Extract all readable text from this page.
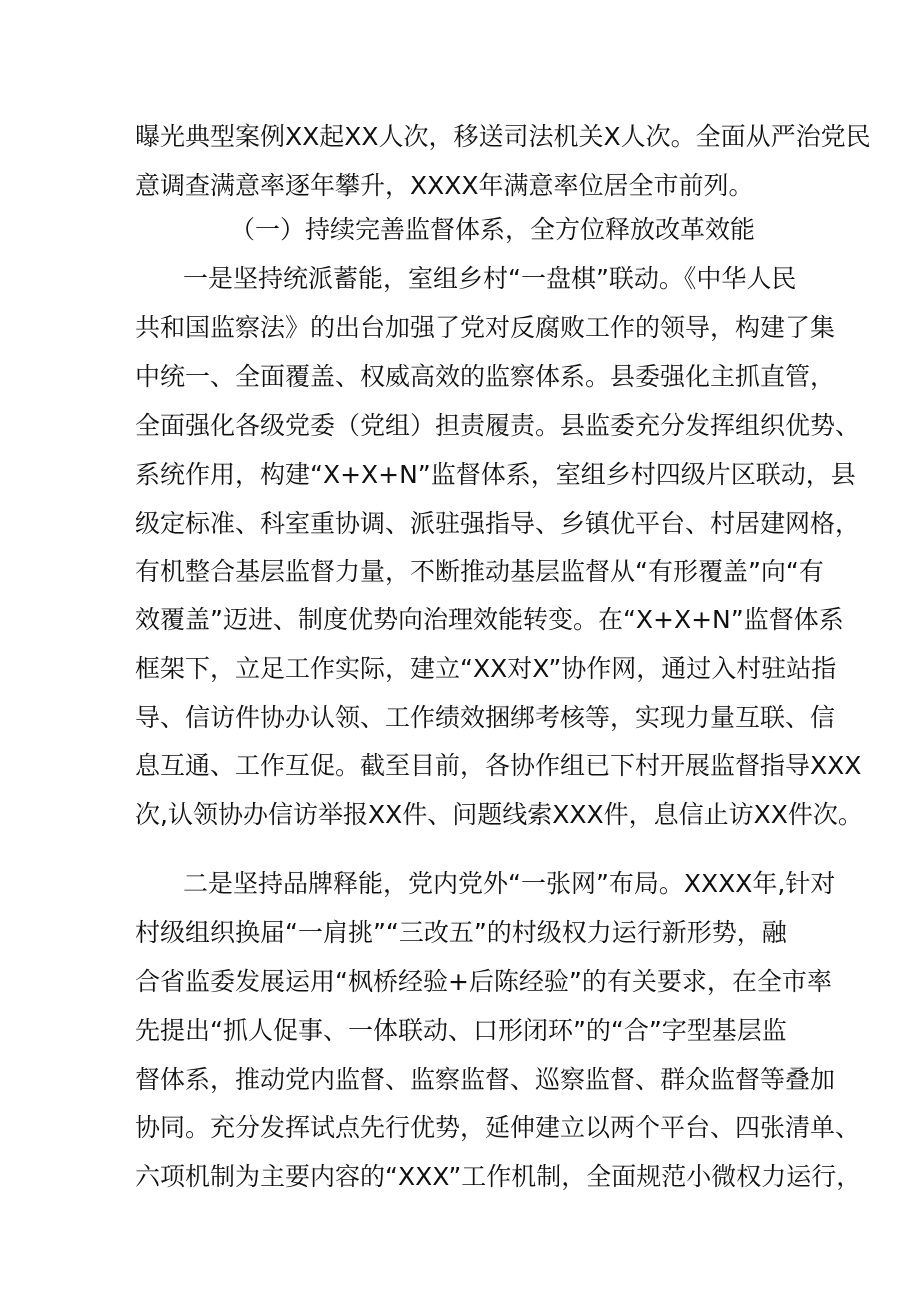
曝光典型案例XX起XX人次，移送司法机关X人次。全面从严治党民
意调查满意率逐年攀升，XXXX年满意率位居全市前列。
（一）持续完善监督体系，全方位释放改革效能
一是坚持统派蓄能，室组乡村“一盘棋”联动。《中华人民
共和国监察法》的出台加强了党对反腐败工作的领导，构建了集
中统一、全面覆盖、权威高效的监察体系。县委强化主抓直管，
全面强化各级党委（党组）担责履责。县监委充分发挥组织优势、
系统作用，构建“X+X+N”监督体系，室组乡村四级片区联动，县
级定标准、科室重协调、派驻强指导、乡镇优平台、村居建网格，
有机整合基层监督力量，不断推动基层监督从“有形覆盖”向“有
效覆盖”迈进、制度优势向治理效能转变。在“X+X+N”监督体系
框架下，立足工作实际，建立“XX对X”协作网，通过入村驻站指
导、信访件协办认领、工作绩效捆绑考核等，实现力量互联、信
息互通、工作互促。截至目前，各协作组已下村开展监督指导XXX
次,认领协办信访举报XX件、问题线索XXX件，息信止访XX件次。
二是坚持品牌释能，党内党外“一张网”布局。XXXX年,针对
村级组织换届“一肩挑”“三改五”的村级权力运行新形势，融
合省监委发展运用“枫桥经验+后陈经验”的有关要求，在全市率
先提出“抓人促事、一体联动、口形闭环”的“合”字型基层监
督体系，推动党内监督、监察监督、巡察监督、群众监督等叠加
协同。充分发挥试点先行优势，延伸建立以两个平台、四张清单、
六项机制为主要内容的“XXX”工作机制，全面规范小微权力运行，
